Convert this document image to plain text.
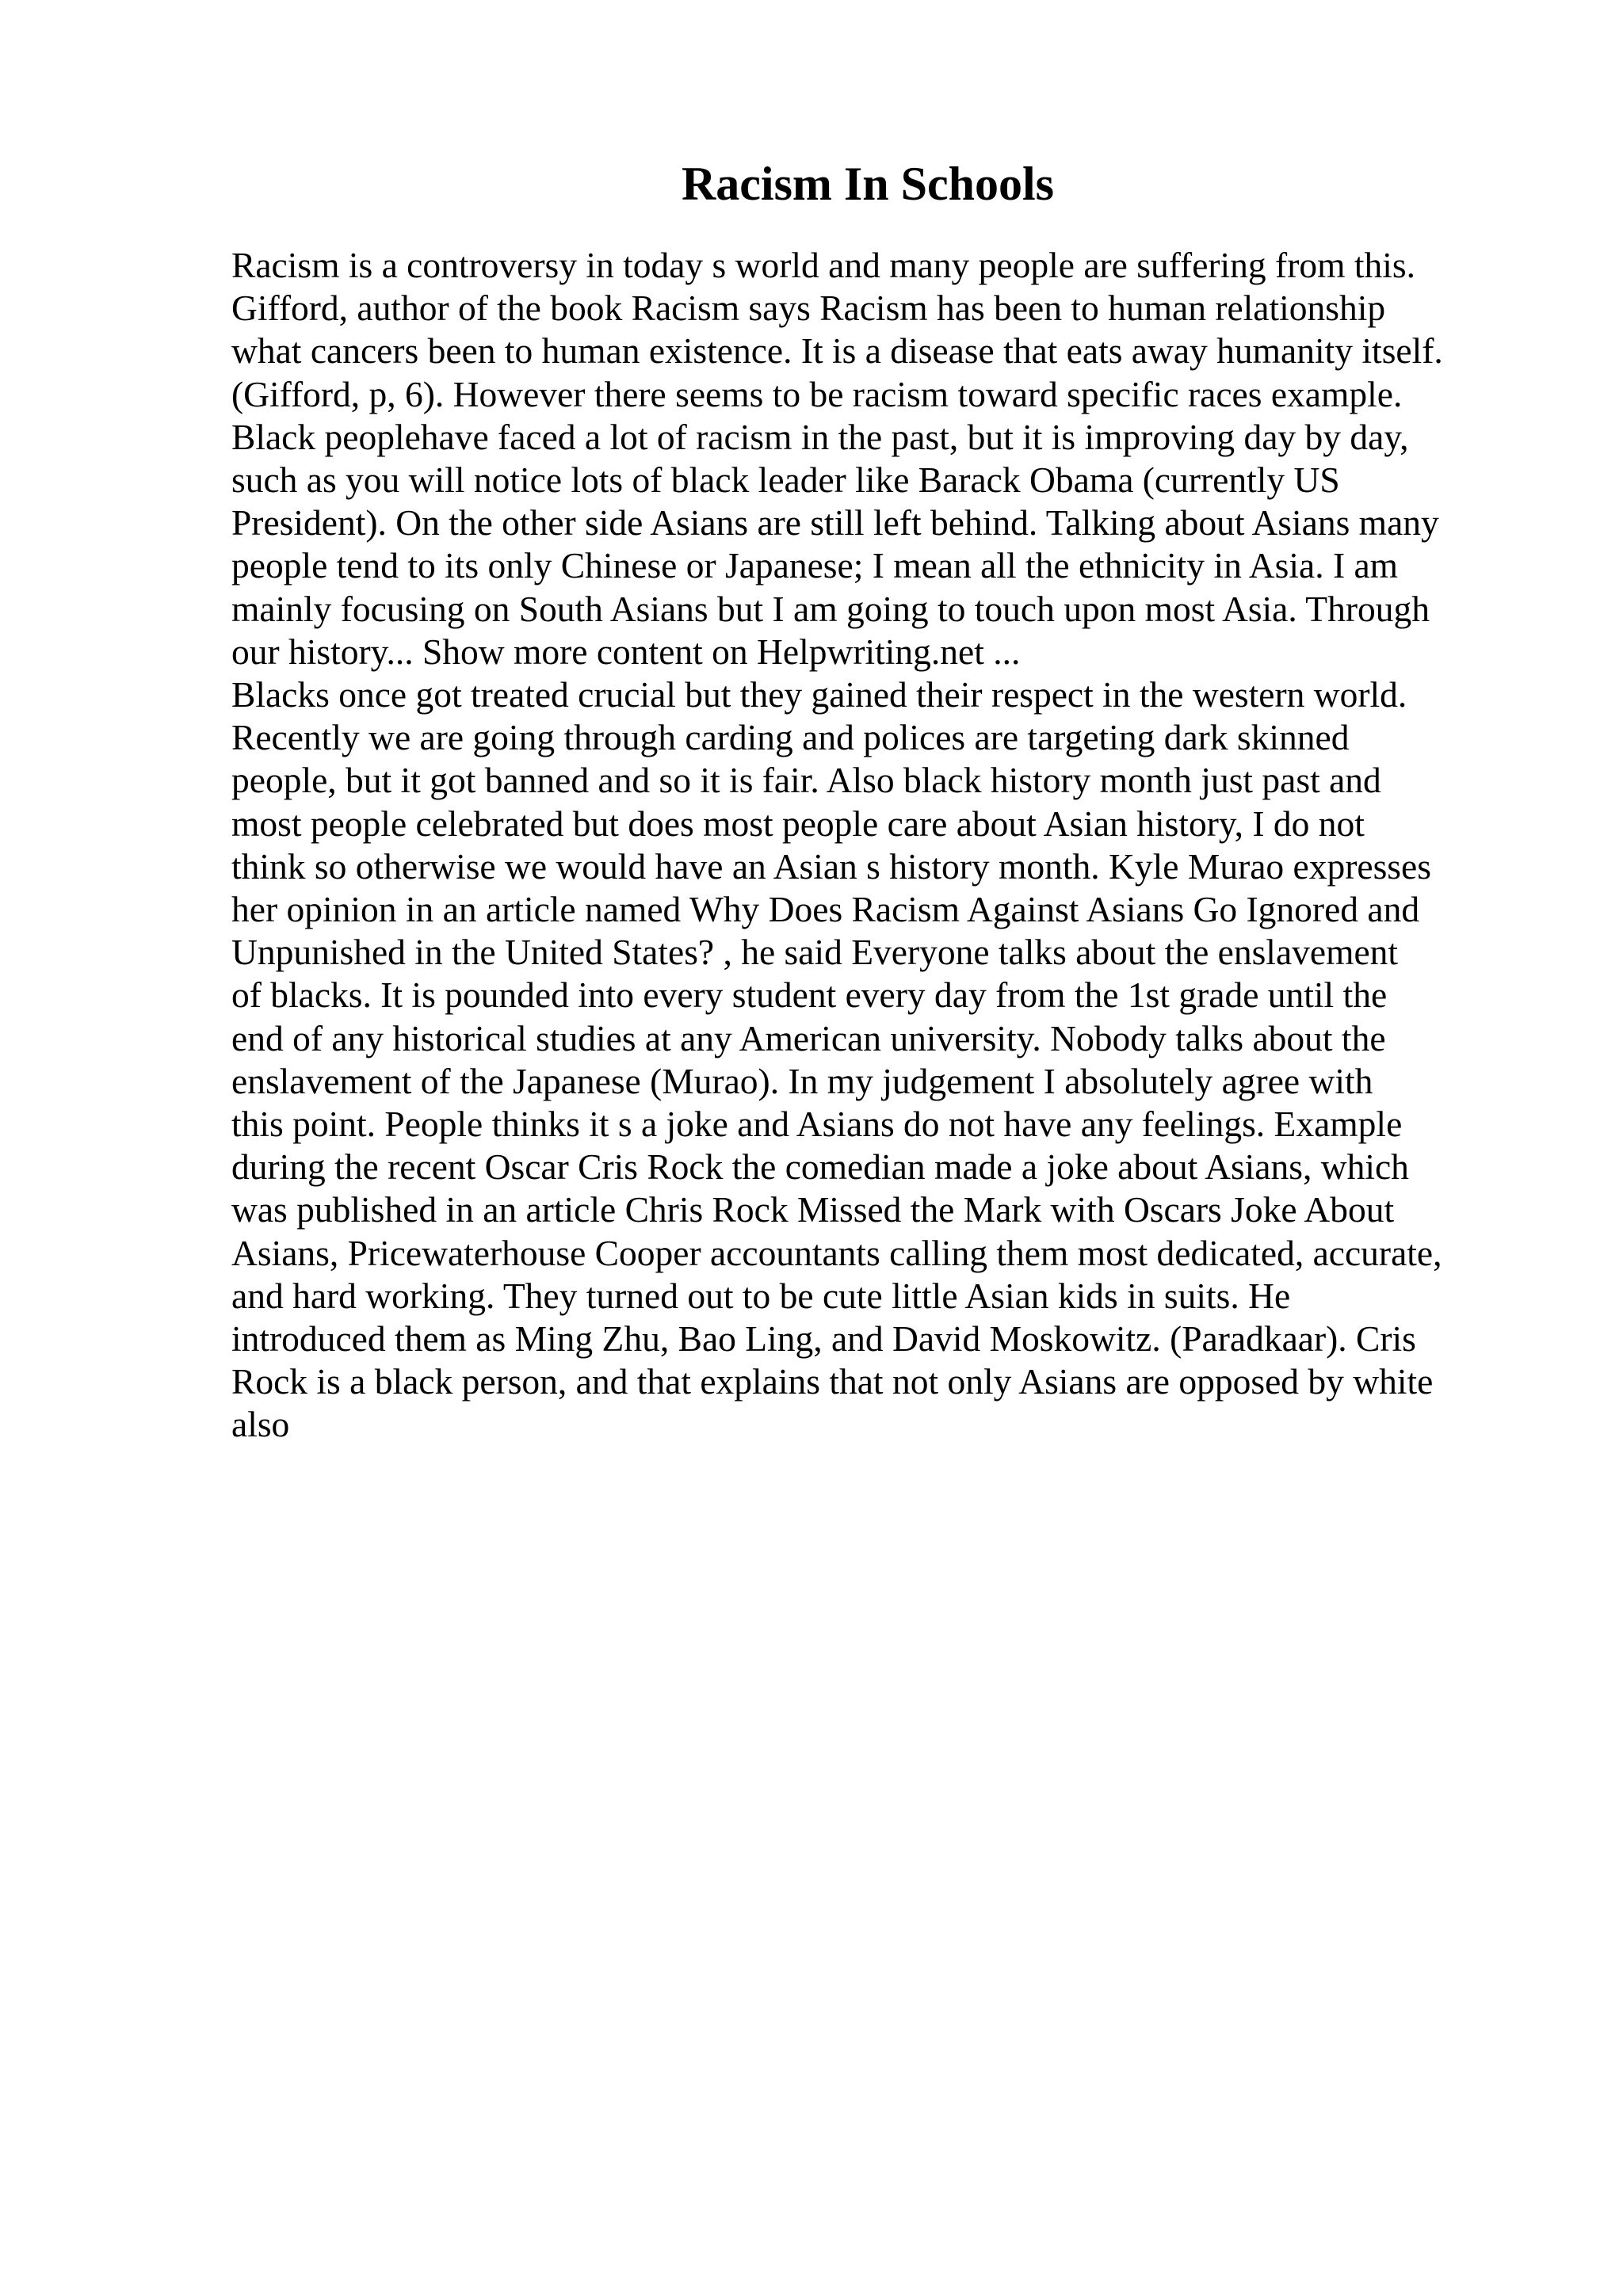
Racism In Schools
Racism is a controversy in today s world and many people are suffering from this.
Gifford, author of the book Racism says Racism has been to human relationship
what cancers been to human existence. It is a disease that eats away humanity itself.
(Gifford, p, 6). However there seems to be racism toward specific races example.
Black peoplehave faced a lot of racism in the past, but it is improving day by day,
such as you will notice lots of black leader like Barack Obama (currently US
President). On the other side Asians are still left behind. Talking about Asians many
people tend to its only Chinese or Japanese; I mean all the ethnicity in Asia. I am
mainly focusing on South Asians but I am going to touch upon most Asia. Through
our history... Show more content on Helpwriting.net ...
Blacks once got treated crucial but they gained their respect in the western world.
Recently we are going through carding and polices are targeting dark skinned
people, but it got banned and so it is fair. Also black history month just past and
most people celebrated but does most people care about Asian history, I do not
think so otherwise we would have an Asian s history month. Kyle Murao expresses
her opinion in an article named Why Does Racism Against Asians Go Ignored and
Unpunished in the United States? , he said Everyone talks about the enslavement
of blacks. It is pounded into every student every day from the 1st grade until the
end of any historical studies at any American university. Nobody talks about the
enslavement of the Japanese (Murao). In my judgement I absolutely agree with
this point. People thinks it s a joke and Asians do not have any feelings. Example
during the recent Oscar Cris Rock the comedian made a joke about Asians, which
was published in an article Chris Rock Missed the Mark with Oscars Joke About
Asians, Pricewaterhouse Cooper accountants calling them most dedicated, accurate,
and hard working. They turned out to be cute little Asian kids in suits. He
introduced them as Ming Zhu, Bao Ling, and David Moskowitz. (Paradkaar). Cris
Rock is a black person, and that explains that not only Asians are opposed by white
also
